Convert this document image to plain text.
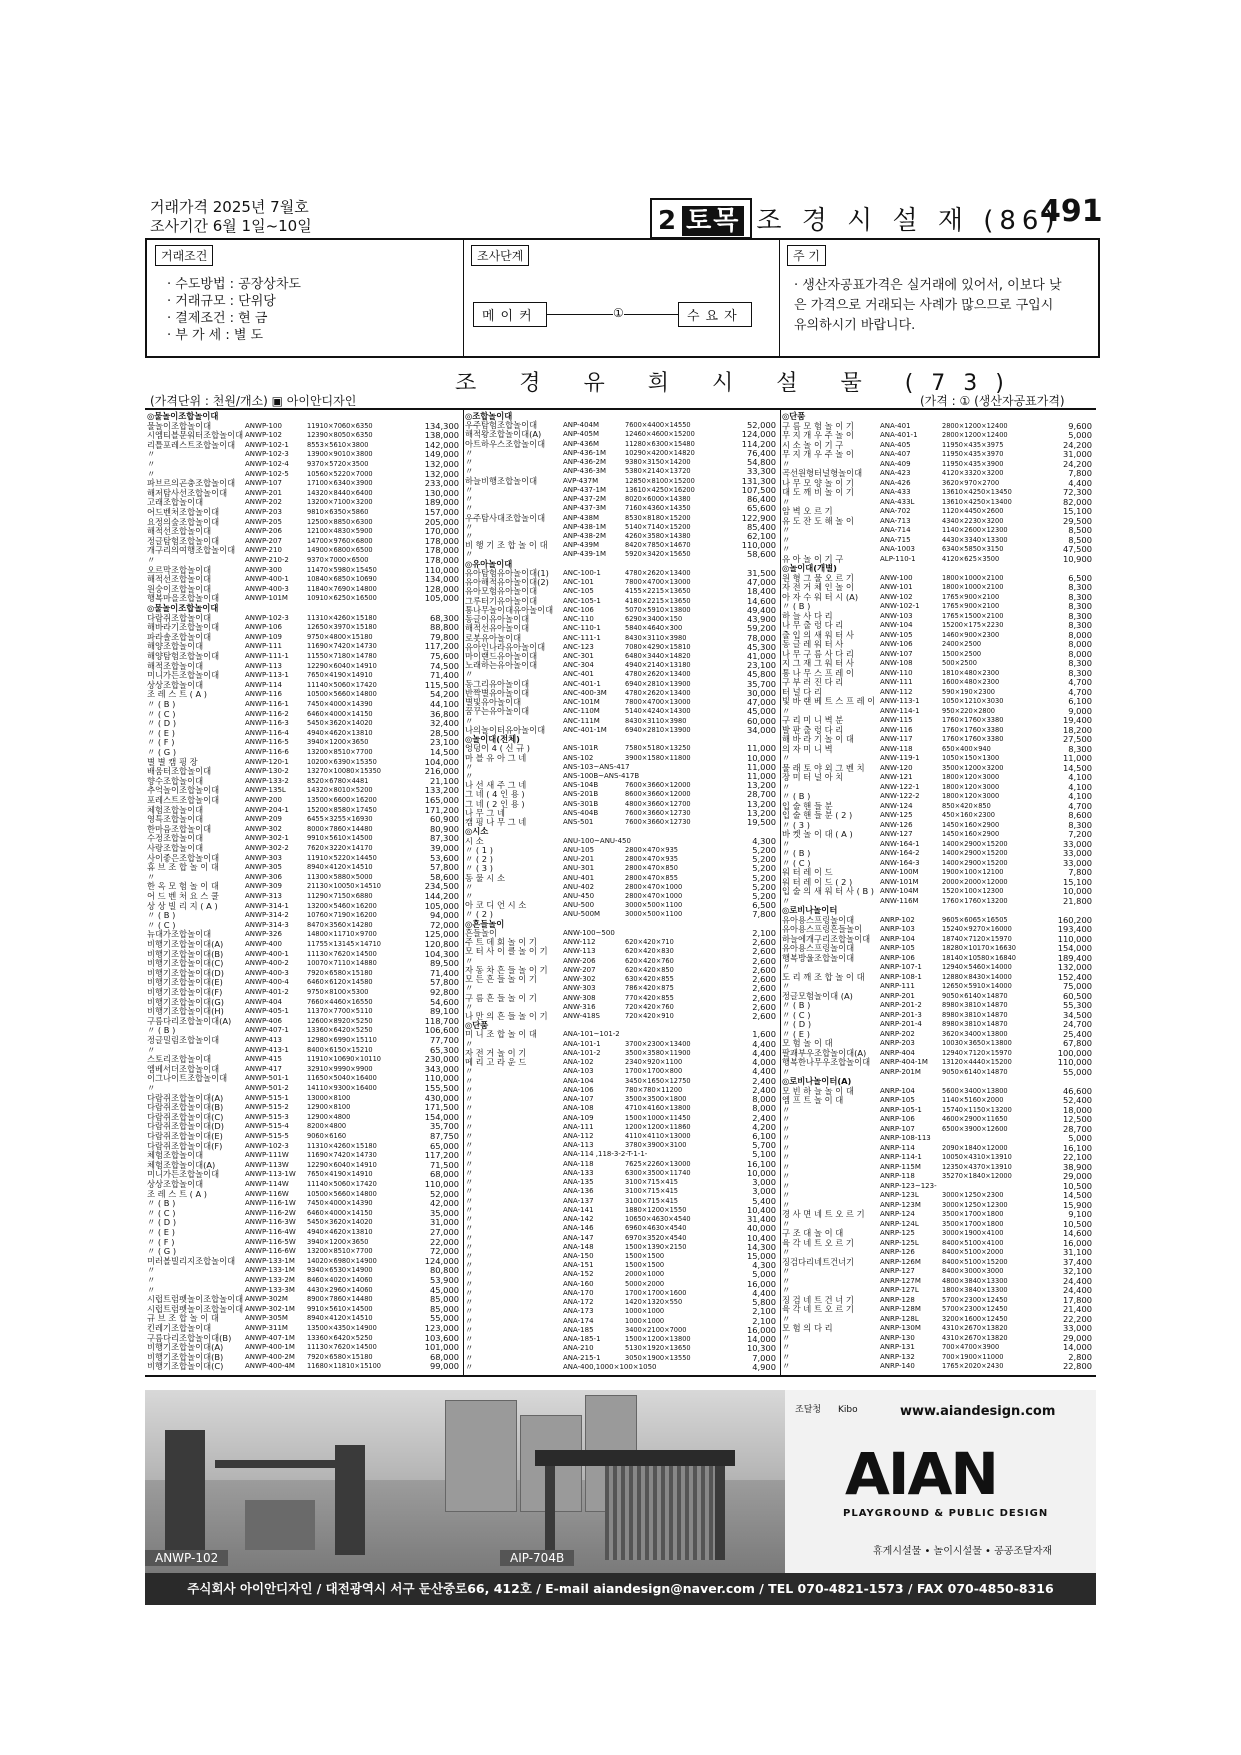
거래가격 2025년 7월호
조사기간 6월 1일~10일	2 토목 조 경 시 설 재 (86)
491
거래조건
· 수도방법 : 공장상차도
· 거래규모 : 단위당
· 결제조건 : 현 금
· 부 가 세 : 별 도
조사단계
메이커	①	수요자
주 기
· 생산자공표가격은 실거래에 있어서, 이보다 낮은 가격으로 거래되는 사례가 많으므로 구입시 유의하시기 바랍니다.
조 경 유 희 시 설 물 (73)
(가격단위 : 천원/개소) ▣ 아이안디자인	(가격 : ① (생산자공표가격)
◎물놀이조합놀이대
물놀이조합놀이대	ANWP-100	11910×7060×6350	134,300
시엠티블문워터조합놀이대 ANWP-102	12390×8050×6350	138,000
리틀포레스트조합놀이대	ANWP-102-1	8553×5610×3800	142,000
〃	ANWP-102-3	13900×9010×3800	149,000
〃	ANWP-102-4	9370×5720×3500	132,000
〃	ANWP-102-5	10560×5220×7000	132,000
파브르의곤충조합놀이대	ANWP-107	17100×6340×3900	233,000
해저탐사선조합놀이대	ANWP-201	14320×8440×6400	130,000
고래조합놀이대	ANWP-202	13200×7100×3200	189,000
어드벤처조합놀이대	ANWP-203	9810×6350×5860	157,000
요정의숲조합놀이대	ANWP-205	12500×8850×6300	205,000
해적선조합놀이대	ANWP-206	12100×4830×5900	170,000
정글탐험조합놀이대	ANWP-207	14700×9760×6800	178,000
개구리의여행조합놀이대	ANWP-210	14900×6800×6500	178,000
〃	ANWP-210-2	9370×7000×6500	178,000
오르막조합놀이대	ANWP-300	11470×5980×15450	110,000
해적선조합놀이대	ANWP-400-1	10840×6850×10690	134,000
원숭이조합놀이대	ANWP-400-3	11840×7690×14800	128,000
행복마을조합놀이대	ANWP-101M	10910×6250×16500	105,000
◎물놀이조합놀이대
다람쥐조합놀이대	ANWP-102-3	11310×4260×15180	68,300
해바라기조합놀이대	ANWP-106	12650×3970×15180	88,800
파라솔조합놀이대	ANWP-109	9750×4800×15180	79,800
해양조합놀이대	ANWP-111	11690×7420×14730	117,200
해양탐험조합놀이대	ANWP-111-1	11550×7180×14780	75,600
해적조합놀이대	ANWP-113	12290×6040×14910	74,500
미니가든조합놀이대	ANWP-113-1	7650×4190×14910	71,400
상상조합놀이대	ANWP-114	11140×5060×17420	115,500
조 레 스 트 ( A )	ANWP-116	10500×5660×14800	54,200
〃 ( B )	ANWP-116-1	7450×4000×14390	44,100
〃 ( C )	ANWP-116-2	6460×4000×14150	36,800
〃 ( D )	ANWP-116-3	5450×3620×14020	32,400
〃 ( E )	ANWP-116-4	4940×4620×13810	28,500
〃 ( F )	ANWP-116-5	3940×1200×3650	23,100
〃 ( G )	ANWP-116-6	13200×8510×7700	14,500
별 별 캠 핑 장	ANWP-120-1	10200×6390×15350	104,000
배움터조합놀이대	ANWP-130-2	13270×10080×15350	216,000
향수조합놀이대	ANWP-133-2	8520×6780×4481	21,100
추억놀이조합놀이대	ANWP-135L	14320×8010×5200	133,200
포레스트조합놀이대	ANWP-200	13500×6600×16200	165,000
체험조합놀이대	ANWP-204-1	15200×8580×17450	171,200
영특조합놀이대	ANWP-209	6455×3255×16930	60,900
한마음조합놀이대	ANWP-302	8000×7860×14480	80,900
수정조합놀이대	ANWP-302-1	9910×5610×14500	87,300
사랑조합놀이대	ANWP-302-2	7620×3220×14170	39,000
사이좋은조합놀이대	ANWP-303	11910×5220×14450	53,600
휴 브 조 합 놀 이 대	ANWP-305	8940×4120×14510	57,800
〃	ANWP-306	11300×5880×5000	58,600
한 옥 모 험 놀 이 대	ANWP-309	21130×10050×14510	234,500
어 드 벤 처 요 스 쿨	ANWP-313	11290×7150×6880	144,200
상 상 빌 리 지 ( A )	ANWP-314-1	13200×5460×16200	105,000
〃 ( B )	ANWP-314-2	10760×7190×16200	94,000
〃 ( C )	ANWP-314-3	8470×3560×14280	72,000
뉴대가조합놀이대	ANWP-326	14800×11710×9700	125,000
비행기조합놀이대(A)	ANWP-400	11755×13145×14710	120,800
비행기조합놀이대(B)	ANWP-400-1	11130×7620×14500	104,300
비행기조합놀이대(C)	ANWP-400-2	10070×7110×14880	89,500
비행기조합놀이대(D)	ANWP-400-3	7920×6580×15180	71,400
비행기조합놀이대(E)	ANWP-400-4	6460×6120×14580	57,800
비행기조합놀이대(F)	ANWP-401-2	9750×8100×5300	92,800
비행기조합놀이대(G)	ANWP-404	7660×4460×16550	54,600
비행기조합놀이대(H)	ANWP-405-1	11370×7700×5110	89,100
구름다리조합놀이대(A)	ANWP-406	12600×8920×5250	118,700
〃 ( B )	ANWP-407-1	13360×6420×5250	106,600
정글밀림조합놀이대	ANWP-413	12980×6990×15110	77,700
〃	ANWP-413-1	8400×6150×15210	65,300
스토리조합놀이대	ANWP-415	11910×10690×10110	230,000
엠베서더조합놀이대	ANWP-417	32910×9990×9900	343,000
이그나이트조합놀이대	ANWP-501-1	11650×5040×16400	110,000
〃	ANWP-501-2	14110×9300×16400	155,500
다람쥐조합놀이대(A)	ANWP-515-1	13000×8100	430,000
다람쥐조합놀이대(B)	ANWP-515-2	12900×8100	171,500
다람쥐조합놀이대(C)	ANWP-515-3	12900×4800	154,000
다람쥐조합놀이대(D)	ANWP-515-4	8200×4800	35,700
다람쥐조합놀이대(E)	ANWP-515-5	9060×6160	87,750
다람쥐조합놀이대(F)	ANWP-102-3	11310×4260×15180	65,000
체험조합놀이대	ANWP-111W	11690×7420×14730	117,200
체험조합놀이대(A)	ANWP-113W	12290×6040×14910	71,500
미니가든조합놀이대	ANWP-113-1W	7650×4190×14910	68,000
상상조합놀이대	ANWP-114W	11140×5060×17420	110,000
조 레 스 트 ( A )	ANWP-116W	10500×5660×14800	52,000
〃 ( B )	ANWP-116-1W	7450×4000×14390	42,000
〃 ( C )	ANWP-116-2W	6460×4000×14150	35,000
〃 ( D )	ANWP-116-3W	5450×3620×14020	31,000
〃 ( E )	ANWP-116-4W	4940×4620×13810	27,000
〃 ( F )	ANWP-116-5W	3940×1200×3650	22,000
〃 ( G )	ANWP-116-6W	13200×8510×7700	72,000
미러볼빌리지조합놀이대	ANWP-133-1M	14020×6980×14900	124,000
〃	ANWP-133-1M	9340×6530×14900	80,800
〃	ANWP-133-2M	8460×4020×14060	53,900
〃	ANWP-133-3M	4430×2960×14060	45,000
시럽트럼펫놀이조합놀이대 ANWP-302M	8900×7860×14480	85,000
시럽트럼펫놀이조합놀이대 ANWP-302-1M	9910×5610×14500	85,000
규 브 조 합 놀 이 대	ANWP-305M	8940×4120×14510	55,000
킨레기조합놀이대	ANWP-311M	13500×4350×14900	123,000
구름다리조합놀이대(B)	ANWP-407-1M	13360×6420×5250	103,600
비행기조합놀이대(A)	ANWP-400-1M	11130×7620×14500	101,000
비행기조합놀이대(B)	ANWP-400-2M	7920×6580×15180	68,000
비행기조합놀이대(C)	ANWP-400-4M	11680×11810×15100	99,000
◎조합놀이대
우주탐험조합놀이대	ANP-404M	7600×4400×14550	52,000
해적왕조합놀이대(A)	ANP-405M	12460×4600×15200	124,000
아트하우스조합놀이대	ANP-436M	11280×6300×15480	114,200
〃	ANP-436-1M	10290×4200×14820	76,400
〃	ANP-436-2M	9380×3150×14200	54,800
〃	ANP-436-3M	5380×2140×13720	33,300
하늘비행조합놀이대	AVP-437M	12850×8100×15200	131,300
〃	ANP-437-1M	13610×4250×16200	107,500
〃	ANP-437-2M	8020×6000×14380	86,400
〃	ANP-437-3M	7160×4360×14350	65,600
우주탐사대조합놀이대	ANP-438M	8530×8180×15200	122,900
〃	ANP-438-1M	5140×7140×15200	85,400
〃	ANP-438-2M	4260×3580×14380	62,100
비 행 기 조 합 놀 이 대	ANP-439M	8420×7850×14670	110,000
〃	ANP-439-1M	5920×3420×15650	58,600
◎유아놀이대
유아탐험유아놀이대(1)	ANC-100-1	4780×2620×13400	31,500
유아해적유아놀이대(2)	ANC-101	7800×4700×13000	47,000
유아모험유아놀이대	ANC-105	4155×2215×13650	18,400
그루터기유아놀이대	ANC-105-1	4180×2215×13650	14,600
통나무놀이대유아놀이대	ANC-106	5070×5910×13800	49,400
동글이유아놀이대	ANC-110	6290×3400×150	43,900
해적선유아놀이대	ANC-110-1	5840×4640×300	59,200
로봇유아놀이대	ANC-111-1	8430×3110×3980	78,000
유아인나라유아놀이대	ANC-123	7080×4290×15810	45,300
마이랜드유아놀이대	ANC-301	6480×3440×14820	41,000
노래하는유아놀이대	ANC-304	4940×2140×13180	23,100
〃	ANC-401	4780×2620×13400	45,800
동그리유아놀이대	ANC-401-1	6940×2810×13900	35,700
반짝별유아놀이대	ANC-400-3M	4780×2620×13400	30,000
별빛유아놀이대	ANC-101M	7800×4700×13000	47,000
꿈꾸는유아놀이대	ANC-110M	5140×4240×14300	45,000
〃	ANC-111M	8430×3110×3980	60,000
나의놀이터유아놀이대	ANC-401-1M	6940×2810×13900	34,000
◎놀이대(전체)
엉덩이 4 ( 신 규 )	ANS-101R	7580×5180×13250	11,000
마 블 유 아 그 네	ANS-102	3900×1580×11800	10,000
〃	ANS-103~ANS-417	11,000
〃	ANS-100B~ANS-417B	11,000
나 선 새 주 그 네	ANS-104B	7600×3660×12000	13,200
그 네 ( 4 인 용 )	ANS-201B	8600×3660×12000	28,700
그 네 ( 2 인 용 )	ANS-301B	4800×3660×12700	13,200
나 무 그 네	ANS-404B	7600×3660×12730	13,200
캠 핑 나 무 그 네	ANS-501	7600×3660×12730	19,500
◎시소
시 소	ANU-100~ANU-450	4,300
〃 ( 1 )	ANU-105	2800×470×935	5,200
〃 ( 2 )	ANU-201	2800×470×935	5,200
〃 ( 3 )	ANU-301	2800×470×850	5,200
동 물 시 소	ANU-401	2800×470×855	5,200
〃	ANU-402	2800×470×1000	5,200
〃	ANU-450	2800×470×1000	5,200
아 코 디 언 시 소	ANU-500	3000×500×1100	6,500
〃 ( 2 )	ANU-500M	3000×500×1100	7,800
◎흔들놀이
흔들놀이	ANW-100~500	2,100
주 트 데 회 놀 이 기	ANW-112	620×420×710	2,600
모 터 사 이 클 놀 이 기	ANW-113	620×420×830	2,600
〃	ANW-206	620×420×760	2,600
자 동 차 흔 들 놀 이 기	ANW-207	620×420×850	2,600
모 든 흔 들 놀 이 기	ANW-302	630×420×855	2,600
〃	ANW-303	786×420×875	2,600
구 름 흔 들 놀 이 기	ANW-308	770×420×855	2,600
〃	ANW-316	720×420×760	2,600
나 만 의 흔 들 놀 이 기	ANW-418S	720×420×910	2,600
◎단품
미 니 조 합 놀 이 대	ANA-101~101-2	1,600
〃	ANA-101-1	3700×2300×13400	4,400
자 전 거 놀 이 기	ANA-101-2	3500×3580×11900	4,400
메 리 고 라 운 드	ANA-102	2340×920×1100	4,000
〃	ANA-103	1700×1700×800	4,400
〃	ANA-104	3450×1650×12750	2,400
〃	ANA-106	780×780×11200	2,400
〃	ANA-107	3500×3500×1800	8,000
〃	ANA-108	4710×4160×13800	8,000
〃	ANA-109	1500×1000×11450	2,400
〃	ANA-111	1200×1200×11860	4,200
〃	ANA-112	4110×4110×13000	6,100
〃	ANA-113	3780×3900×3100	5,700
〃	ANA-114 ,118-3-2-T-1-1-	5,100
〃	ANA-118	7625×2260×13000	16,100
〃	ANA-133	6300×3500×11740	10,000
〃	ANA-135	3100×715×415	3,000
〃	ANA-136	3100×715×415	3,000
〃	ANA-137	3100×715×415	5,400
〃	ANA-141	1880×1200×1550	10,400
〃	ANA-142	10650×4630×4540	31,400
〃	ANA-146	6960×4630×4540	40,000
〃	ANA-147	6970×3520×4540	10,400
〃	ANA-148	1500×1390×2150	14,300
〃	ANA-150	1500×1500	15,000
〃	ANA-151	1500×1500	4,300
〃	ANA-152	2000×1000	5,000
〃	ANA-160	5000×2000	16,000
〃	ANA-170	1700×1700×1600	4,400
〃	ANA-172	1420×1320×550	5,800
〃	ANA-173	1000×1000	2,100
〃	ANA-174	1000×1000	2,100
〃	ANA-185	3400×2100×7000	16,000
〃	ANA-185-1	1500×1200×13800	14,000
〃	ANA-210	5130×1920×13650	10,300
〃	ANA-215-1	3050×1900×13550	7,000
〃	ANA-400,1000×100×1050	4,900
◎단품
구 름 모 험 놀 이 기	ANA-401	2800×1200×12400	9,600
무 지 개 우 주 놀 이	ANA-401-1	2800×1200×12400	5,000
시 소 놀 이 기 구	ANA-405	11950×435×3975	24,200
무 지 개 우 주 놀 이	ANA-407	11950×435×3970	31,000
〃	ANA-409	11950×435×3900	24,200
곡선원형터널형놀이대	ANA-423	4120×3320×3200	7,800
나 무 모 양 놀 이 기	ANA-426	3620×970×2700	4,400
대 도 깨 비 놀 이 기	ANA-433	13610×4250×13450	72,300
〃	ANA-433L	13610×4250×13400	82,000
암 벽 오 르 기	ANA-702	1120×4450×2600	15,100
유 도 잔 도 해 놀 이	ANA-713	4340×2230×3200	29,500
〃	ANA-714	1140×2600×12300	8,500
〃	ANA-715	4430×3340×13300	8,500
〃	ANA-1003	6340×5850×3150	47,500
유 아 놀 이 기 구	ALP-110-1	4120×625×3500	10,900
◎놀이대(개별)
원 형 그 물 오 르 기	ANW-100	1800×1000×2100	6,500
자 전 거 체 인 놀 이	ANW-101	1800×1000×2100	8,300
아 자 수 워 터 시 (A)	ANW-102	1765×900×2100	8,300
〃 ( B )	ANW-102-1	1765×900×2100	8,300
하 늘 사 다 리	ANW-103	1765×1500×2100	8,300
나 무 출 렁 다 리	ANW-104	15200×175×2230	8,300
출 입 의 새 워 터 사	ANW-105	1460×900×2300	8,000
동 글 레 워 터 사	ANW-106	2400×2500	8,000
나 무 구 름 사 다 리	ANW-107	1500×2500	8,000
지 그 재 그 워 터 사	ANW-108	500×2500	8,300
통 나 무 스 프 레 이	ANW-110	1810×480×2300	8,300
구 부 러 진 다 리	ANW-111	1600×480×2300	4,700
터 널 다 리	ANW-112	590×190×2300	4,700
빛 바 랜 베 트 스 프 레 이 ANW-113-1	1050×1210×3030	6,100
〃	ANW-114-1	950×220×2800	9,000
구 리 미 니 벽 분	ANW-115	1760×1760×3380	19,400
발 판 출 렁 다 리	ANW-116	1760×1760×3380	18,200
해 바 라 기 놀 이 대	ANW-117	1760×1760×3380	27,500
의 자 미 니 벽	ANW-118	650×400×940	8,300
〃	ANW-119-1	1050×150×1300	11,000
물 래 토 야 외 그 벤 치	ANW-120	3500×1200×3200	14,500
장 미 터 널 아 치	ANW-121	1800×120×3000	4,100
〃	ANW-122-1	1800×120×3000	4,100
〃 ( B )	ANW-122-2	1800×120×3000	4,100
입 술 핸 들 분	ANW-124	850×420×850	4,700
입 술 핸 들 분 ( 2 )	ANW-125	450×160×2300	8,600
〃 ( 3 )	ANW-126	1450×160×2900	8,300
바 켓 놀 이 대 ( A )	ANW-127	1450×160×2900	7,200
〃	ANW-164-1	1400×2900×15200	33,000
〃 ( B )	ANW-164-2	1400×2900×15200	33,000
〃 ( C )	ANW-164-3	1400×2900×15200	33,000
워 터 레 이 드	ANW-100M	1900×100×12100	7,800
워 터 레 이 드 ( 2 )	ANW-101M	2000×2000×12000	15,100
입 술 의 새 워 터 사 ( B ) ANW-104M	1520×100×12300	10,000
〃	ANW-116M	1760×1760×13200	21,800
◎로비나놀이터
유아용스프링놀이대	ANRP-102	9605×6065×16505	160,200
유아용스프링흔들놀이	ANRP-103	15240×9270×16000	193,400
하늘에개구리조합놀이대	ANRP-104	18740×7120×15970	110,000
유아용스프링놀이대	ANRP-105	18280×10170×16630	154,000
행복방울조합놀이대	ANRP-106	18140×10580×16840	189,400
〃	ANRP-107-1	12940×5460×14000	132,000
도 리 깨 조 합 놀 이 대	ANRP-108-1	12880×8430×14000	152,400
〃	ANRP-111	12650×5910×14000	75,000
정글모험놀이대 (A)	ANRP-201	9050×6140×14870	60,500
〃 ( B )	ANRP-201-2	8980×3810×14870	55,300
〃 ( C )	ANRP-201-3	8980×3810×14870	34,500
〃 ( D )	ANRP-201-4	8980×3810×14870	24,700
〃 ( E )	ANRP-202	3620×3400×13800	25,400
모 험 놀 이 대	ANRP-203	10030×3650×13800	67,800
팔괘부우조합놀이대(A)	ANRP-404	12940×7120×15970	100,000
행복한나무우조합놀이대	ANRP-404-1M	13120×4440×15200	110,000
〃	ANRP-201M	9050×6140×14870	55,000
◎로비나놀이터(A)
모 빈 하 늘 놀 이 대	ANRP-104	5600×3400×13800	46,600
엠 프 트 놀 이 대	ANRP-105	1140×5160×2000	52,400
〃	ANRP-105-1	15740×1150×13200	18,000
〃	ANRP-106	4600×2900×11650	12,500
〃	ANRP-107	6500×3900×12600	28,700
〃	ANRP-108-113	5,000
〃	ANRP-114	2090×1840×12000	16,100
〃	ANRP-114-1	10050×4310×13910	22,100
〃	ANRP-115M	12350×4370×13910	38,900
〃	ANRP-118	35270×1840×12000	29,000
〃	ANRP-123~123-	10,500
〃	ANRP-123L	3000×1250×2300	14,500
〃	ANRP-123M	3000×1250×12300	15,900
경 사 면 네 트 오 르 기	ANRP-124	3500×1700×1800	9,100
〃	ANRP-124L	3500×1700×1800	10,500
구 조 대 놀 이 대	ANRP-125	3000×1900×4100	14,600
육 각 네 트 오 르 기	ANRP-125L	8400×5100×4100	16,000
〃	ANRP-126	8400×5100×2000	31,100
징검다리네트건너기	ANRP-126M	8400×5100×15200	37,400
〃	ANRP-127	8400×3000×3000	32,100
〃	ANRP-127M	4800×3840×13300	24,400
〃	ANRP-127L	1800×3840×13300	24,400
징 검 네 트 건 너 기	ANRP-128	5700×2300×12450	17,800
육 각 네 트 오 르 기	ANRP-128M	5700×2300×12450	21,400
〃	ANRP-128L	3200×1600×12450	22,200
모 험 의 다 리	ANRP-130M	4310×2670×13820	33,000
〃	ANRP-130	4310×2670×13820	29,000
〃	ANRP-131	700×4700×3900	14,000
〃	ANRP-132	700×1900×11000	2,800
〃	ANRP-140	1765×2020×2430	22,800
ANWP-102	AIP-704B
조달청 Kibo	www.aiandesign.com
AIAN
PLAYGROUND & PUBLIC DESIGN
휴게시설물 • 놀이시설물 • 공공조달자재
주식회사 아이안디자인 / 대전광역시 서구 둔산중로66, 412호 / E-mail aiandesign@naver.com / TEL 070-4821-1573 / FAX 070-4850-8316
